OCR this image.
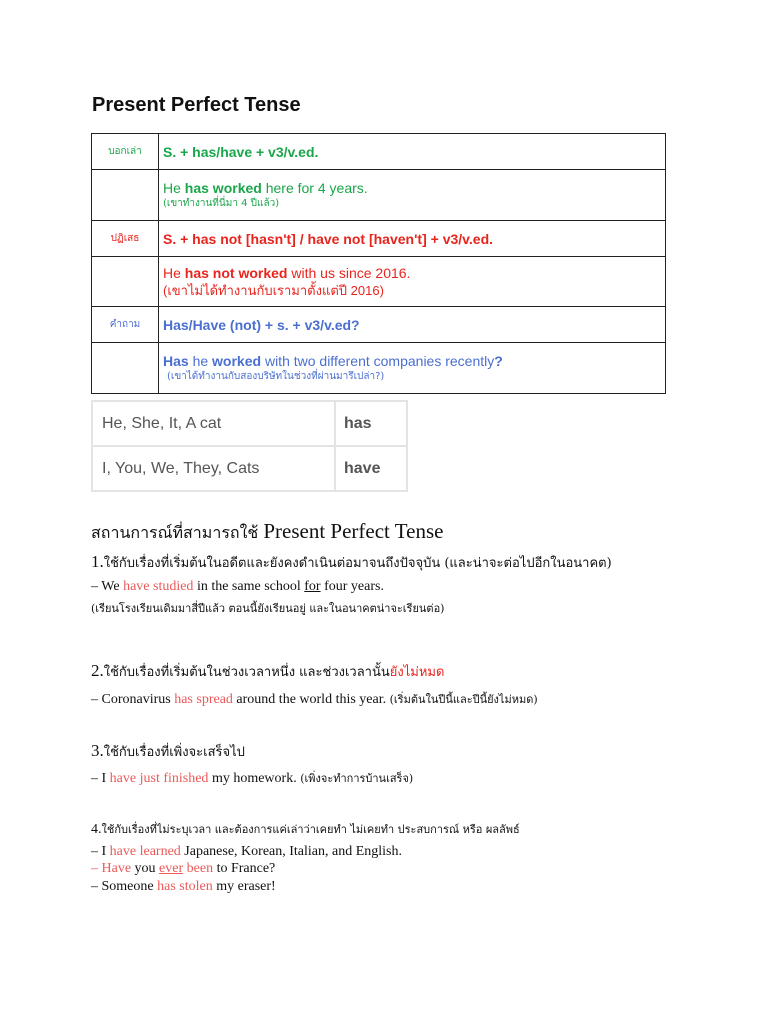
Present Perfect Tense
บอกเล่า	S. + has/have + v3/v.ed.

	He has worked here for 4 years.
(เขาทำงานที่นี่มา 4 ปีแล้ว)

ปฏิเสธ	S. + has not [hasn't] / have not [haven't] + v3/v.ed.

	He has not worked with us since 2016.
(เขาไม่ได้ทำงานกับเรามาตั้งแต่ปี 2016)

คำถาม	Has/Have (not) + s. + v3/v.ed?

	Has he worked with two different companies recently?
(เขาได้ทำงานกับสองบริษัทในช่วงที่ผ่านมารึเปล่า?)
He, She, It, A cat	has
I, You, We, They, Cats	have
สถานการณ์ที่สามารถใช้ Present Perfect Tense
1.ใช้กับเรื่องที่เริ่มต้นในอดีตและยังคงดำเนินต่อมาจนถึงปัจจุบัน (และน่าจะต่อไปอีกในอนาคต)
– We have studied in the same school for four years.
(เรียนโรงเรียนเดิมมาสี่ปีแล้ว ตอนนี้ยังเรียนอยู่ และในอนาคตน่าจะเรียนต่อ)
2.ใช้กับเรื่องที่เริ่มต้นในช่วงเวลาหนึ่ง และช่วงเวลานั้นยังไม่หมด
– Coronavirus has spread around the world this year. (เริ่มต้นในปีนี้และปีนี้ยังไม่หมด)
3.ใช้กับเรื่องที่เพิ่งจะเสร็จไป
– I have just finished my homework. (เพิ่งจะทำการบ้านเสร็จ)
4.ใช้กับเรื่องที่ไม่ระบุเวลา และต้องการแค่เล่าว่าเคยทำ ไม่เคยทำ ประสบการณ์ หรือ ผลลัพธ์
– I have learned Japanese, Korean, Italian, and English.
– Have you ever been to France?
– Someone has stolen my eraser!
